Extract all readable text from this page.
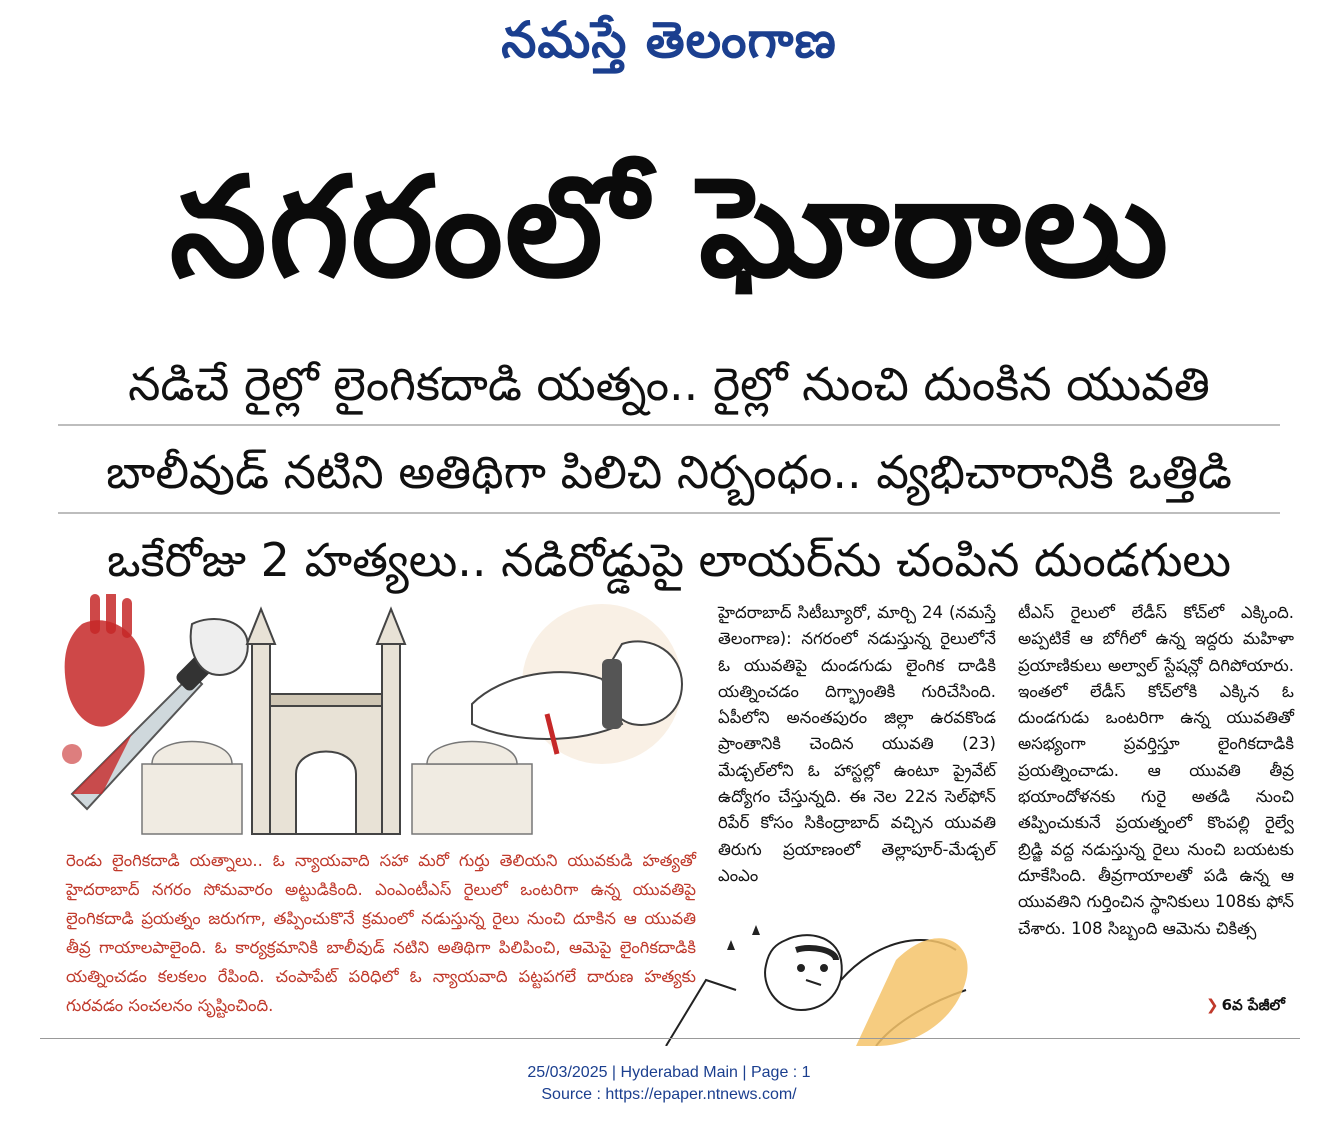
నమస్తే తెలంగాణ
నగరంలో ఘోరాలు
నడిచే రైల్లో లైంగికదాడి యత్నం.. రైల్లో నుంచి దుంకిన యువతి
బాలీవుడ్ నటిని అతిథిగా పిలిచి నిర్బంధం.. వ్యభిచారానికి ఒత్తిడి
ఒకేరోజు 2 హత్యలు.. నడిరోడ్డుపై లాయర్‌ను చంపిన దుండగులు
రెండు లైంగికదాడి యత్నాలు.. ఓ న్యాయవాది సహా మరో గుర్తు తెలియని యువకుడి హత్యతో హైదరాబాద్ నగరం సోమవారం అట్టుడికింది. ఎంఎంటీఎస్ రైలులో ఒంటరిగా ఉన్న యువతిపై లైంగికదాడి ప్రయత్నం జరుగగా, తప్పించుకొనే క్రమంలో నడుస్తున్న రైలు నుంచి దూకిన ఆ యువతి తీవ్ర గాయాలపాలైంది. ఓ కార్యక్రమానికి బాలీవుడ్ నటిని అతిథిగా పిలిపించి, ఆమెపై లైంగికదాడికి యత్నించడం కలకలం రేపింది. చంపాపేట్ పరిధిలో ఓ న్యాయవాది పట్టపగలే దారుణ హత్యకు గురవడం సంచలనం సృష్టించింది.
హైదరాబాద్ సిటీబ్యూరో, మార్చి 24 (నమస్తే తెలంగాణ): నగరంలో నడుస్తున్న రైలులోనే ఓ యువతిపై దుండగుడు లైంగిక దాడికి యత్నించడం దిగ్భ్రాంతికి గురిచేసింది. ఏపీలోని అనంతపురం జిల్లా ఉరవకొండ ప్రాంతానికి చెందిన యువతి (23) మేడ్చల్‌లోని ఓ హాస్టల్లో ఉంటూ ప్రైవేట్ ఉద్యోగం చేస్తున్నది. ఈ నెల 22న సెల్‌ఫోన్ రిపేర్ కోసం సికింద్రాబాద్ వచ్చిన యువతి తిరుగు ప్రయాణంలో తెల్లాపూర్-మేడ్చల్ ఎంఎం
టీఎస్ రైలులో లేడీస్ కోచ్‌లో ఎక్కింది. అప్పటికే ఆ బోగీలో ఉన్న ఇద్దరు మహిళా ప్రయాణికులు అల్వాల్ స్టేషన్లో దిగిపోయారు. ఇంతలో లేడీస్ కోచ్‌లోకి ఎక్కిన ఓ దుండగుడు ఒంటరిగా ఉన్న యువతితో అసభ్యంగా ప్రవర్తిస్తూ లైంగికదాడికి ప్రయత్నించాడు. ఆ యువతి తీవ్ర భయాందోళనకు గురై అతడి నుంచి తప్పించుకునే ప్రయత్నంలో కొంపల్లి రైల్వే బ్రిడ్జి వద్ద నడుస్తున్న రైలు నుంచి బయటకు దూకేసింది. తీవ్రగాయాలతో పడి ఉన్న ఆ యువతిని గుర్తించిన స్థానికులు 108కు ఫోన్ చేశారు. 108 సిబ్బంది ఆమెను చికిత్స
❯ 6వ పేజీలో
25/03/2025 | Hyderabad Main | Page : 1
Source : https://epaper.ntnews.com/
